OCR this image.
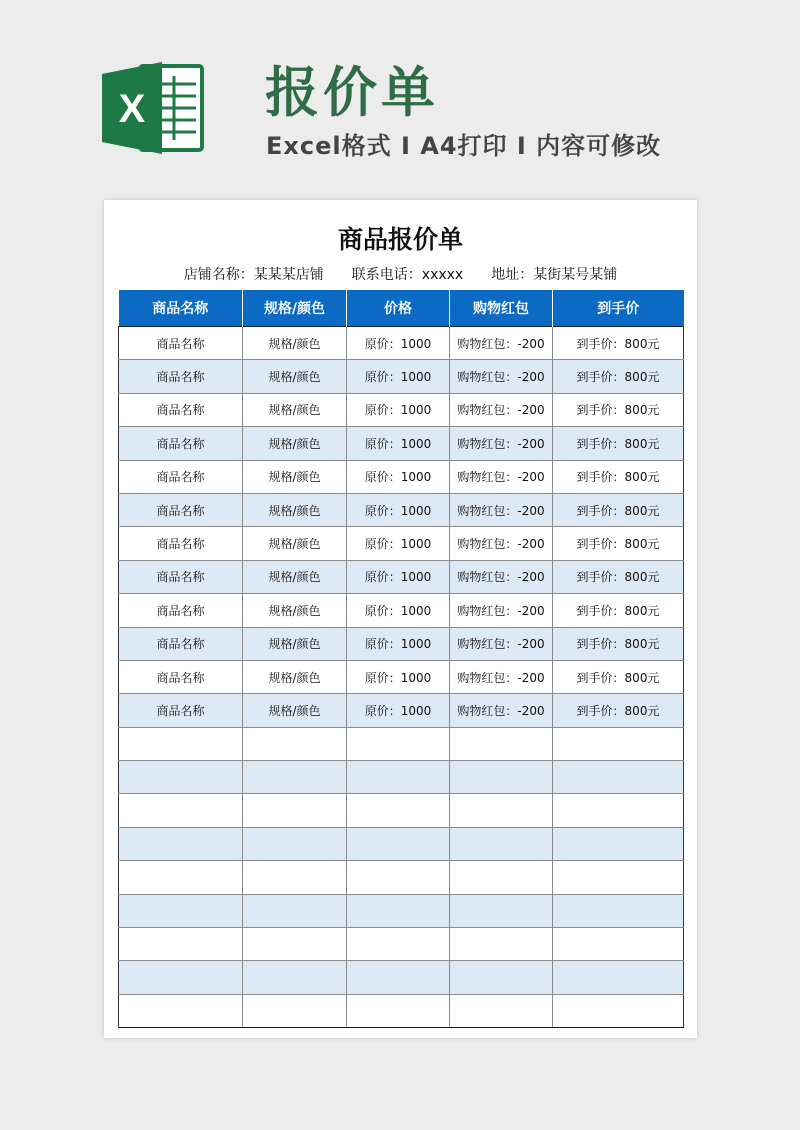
X 报价单
Excel格式 I A4打印 I 内容可修改
商品报价单
店铺名称：某某某店铺 联系电话：xxxxx 地址：某街某号某铺
商品名称	规格/颜色	价格	购物红包	到手价
商品名称	规格/颜色	原价：1000	购物红包：-200	到手价：800元
商品名称	规格/颜色	原价：1000	购物红包：-200	到手价：800元
商品名称	规格/颜色	原价：1000	购物红包：-200	到手价：800元
商品名称	规格/颜色	原价：1000	购物红包：-200	到手价：800元
商品名称	规格/颜色	原价：1000	购物红包：-200	到手价：800元
商品名称	规格/颜色	原价：1000	购物红包：-200	到手价：800元
商品名称	规格/颜色	原价：1000	购物红包：-200	到手价：800元
商品名称	规格/颜色	原价：1000	购物红包：-200	到手价：800元
商品名称	规格/颜色	原价：1000	购物红包：-200	到手价：800元
商品名称	规格/颜色	原价：1000	购物红包：-200	到手价：800元
商品名称	规格/颜色	原价：1000	购物红包：-200	到手价：800元
商品名称	规格/颜色	原价：1000	购物红包：-200	到手价：800元
